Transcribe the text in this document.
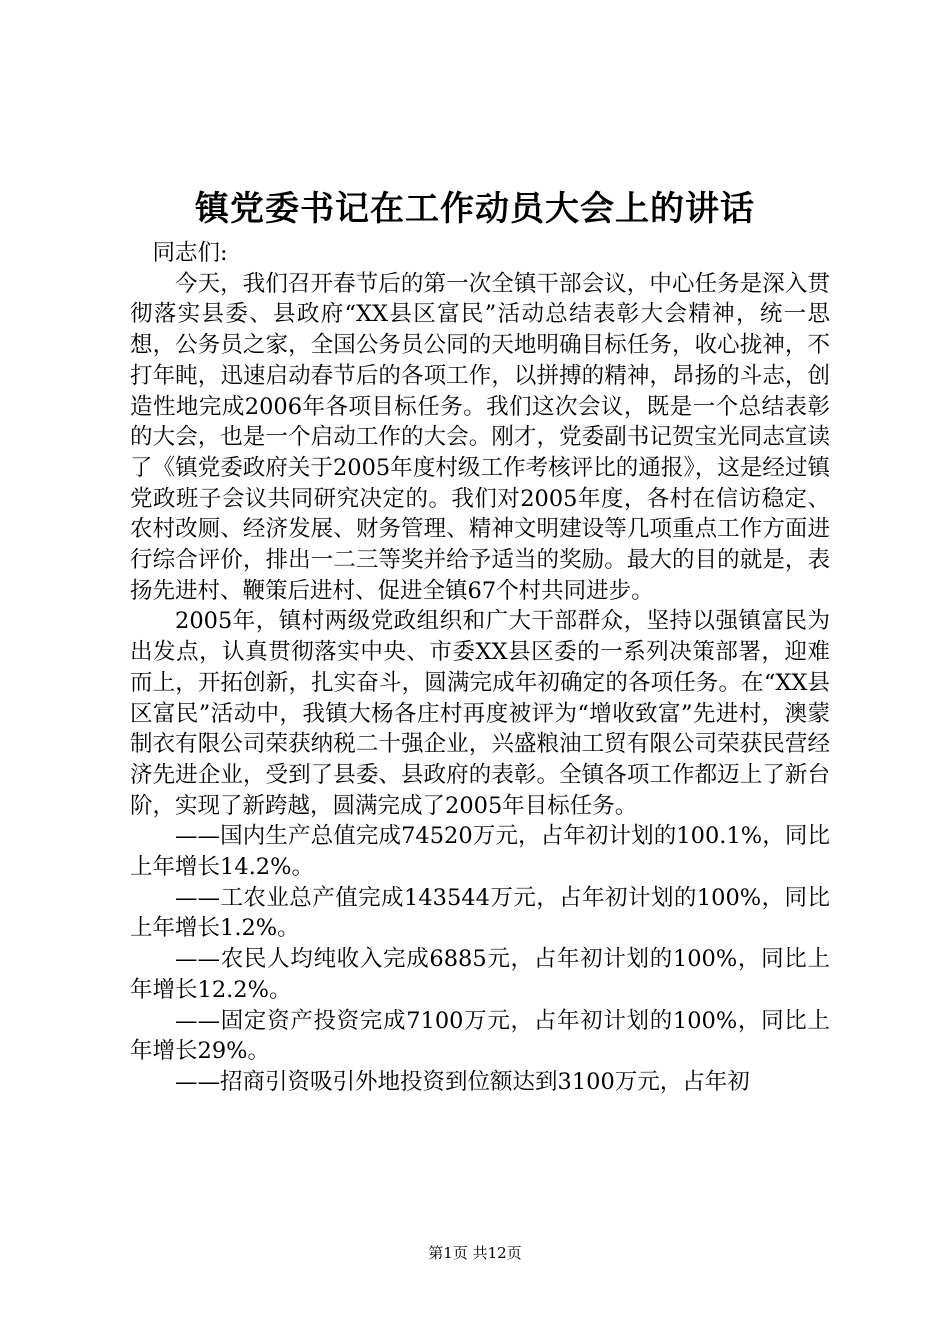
镇党委书记在工作动员大会上的讲话

同志们:

今天，我们召开春节后的第一次全镇干部会议，中心任务是深入贯彻落实县委、县政府“XX县区富民”活动总结表彰大会精神，统一思想，公务员之家，全国公务员公同的天地明确目标任务，收心拢神，不打年盹，迅速启动春节后的各项工作，以拼搏的精神，昂扬的斗志，创造性地完成2006年各项目标任务。我们这次会议，既是一个总结表彰的大会，也是一个启动工作的大会。刚才，党委副书记贺宝光同志宣读了《镇党委政府关于2005年度村级工作考核评比的通报》，这是经过镇党政班子会议共同研究决定的。我们对2005年度，各村在信访稳定、农村改厕、经济发展、财务管理、精神文明建设等几项重点工作方面进行综合评价，排出一二三等奖并给予适当的奖励。最大的目的就是，表扬先进村、鞭策后进村、促进全镇67个村共同进步。

2005年，镇村两级党政组织和广大干部群众，坚持以强镇富民为出发点，认真贯彻落实中央、市委XX县区委的一系列决策部署，迎难而上，开拓创新，扎实奋斗，圆满完成年初确定的各项任务。在“XX县区富民”活动中，我镇大杨各庄村再度被评为“增收致富”先进村，澳蒙制衣有限公司荣获纳税二十强企业，兴盛粮油工贸有限公司荣获民营经济先进企业，受到了县委、县政府的表彰。全镇各项工作都迈上了新台阶，实现了新跨越，圆满完成了2005年目标任务。

——国内生产总值完成74520万元，占年初计划的100.1%，同比上年增长14.2%。

——工农业总产值完成143544万元，占年初计划的100%，同比上年增长1.2%。

——农民人均纯收入完成6885元，占年初计划的100%，同比上年增长12.2%。

——固定资产投资完成7100万元，占年初计划的100%，同比上年增长29%。

——招商引资吸引外地投资到位额达到3100万元，占年初

第1页 共12页
